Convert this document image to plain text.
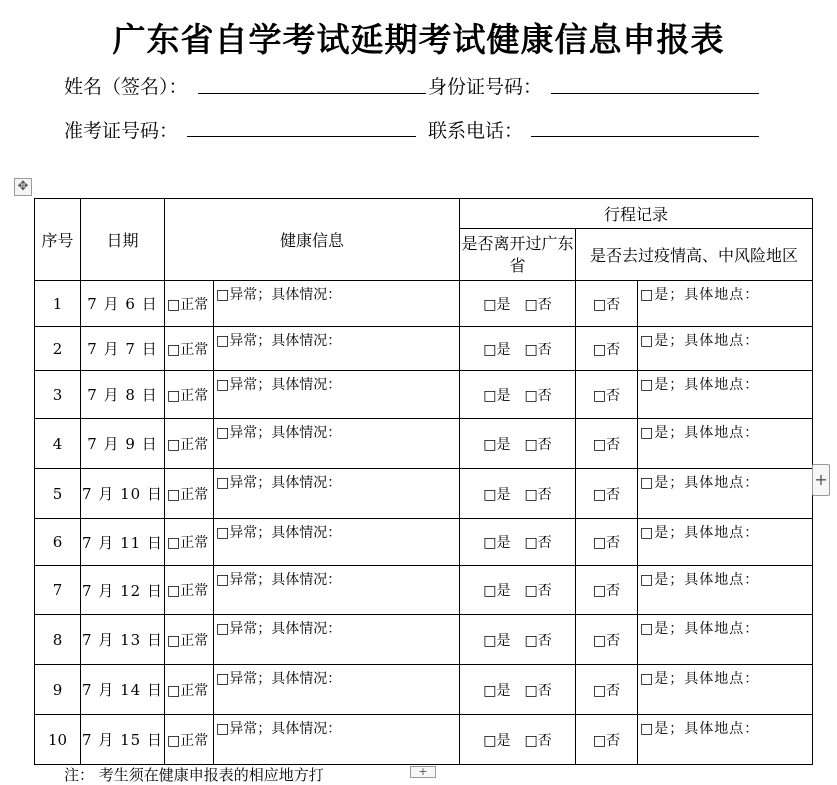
广东省自学考试延期考试健康信息申报表
姓名（签名）：	身份证号码：
准考证号码：	联系电话：
✥
序号	日期	健康信息		行程记录		
				是否离开过广东省	是否去过疫情高、中风险地区	
1	7 月 6 日	□正常	□异常；具体情况：	□是 □否	□否	□是；具体地点：
2	7 月 7 日	□正常	□异常；具体情况：	□是 □否	□否	□是；具体地点：
3	7 月 8 日	□正常	□异常；具体情况：	□是 □否	□否	□是；具体地点：
4	7 月 9 日	□正常	□异常；具体情况：	□是 □否	□否	□是；具体地点：
5	7 月 10 日	□正常	□异常；具体情况：	□是 □否	□否	□是；具体地点：
6	7 月 11 日	□正常	□异常；具体情况：	□是 □否	□否	□是；具体地点：
7	7 月 12 日	□正常	□异常；具体情况：	□是 □否	□否	□是；具体地点：
8	7 月 13 日	□正常	□异常；具体情况：	□是 □否	□否	□是；具体地点：
9	7 月 14 日	□正常	□异常；具体情况：	□是 □否	□否	□是；具体地点：
10	7 月 15 日	□正常	□异常；具体情况：	□是 □否	□否	□是；具体地点：
+
+
注： 考生须在健康申报表的相应地方打
